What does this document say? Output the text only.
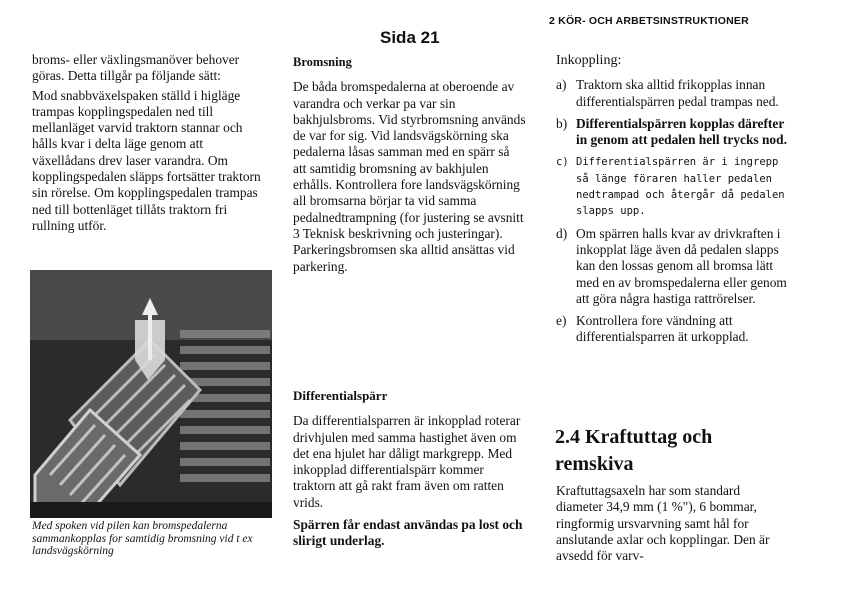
Sida 21
2 KÖR- OCH ARBETSINSTRUKTIONER

broms- eller växlingsmanöver behover göras. Detta tillgår pa följande sätt:

Mod snabbväxelspaken ställd i higläge trampas kopplingspedalen ned till mellanläget varvid traktorn stannar och hålls kvar i delta läge genom att växellådans drev laser varandra. Om kopplingspedalen släpps fortsätter traktorn sin rörelse. Om kopplingspedalen trampas ned till bottenläget tillåts traktorn fri rullning utför.

Med spoken vid pilen kan bromspedalerna sammankopplas for samtidig bromsning vid t ex landsvägskörning
Bromsning

De båda bromspedalerna at oberoende av varandra och verkar pa var sin bakhjulsbroms. Vid styrbromsning används de var for sig. Vid landsvägskörning ska pedalerna låsas samman med en spärr så att samtidig bromsning av bakhjulen erhålls. Kontrollera fore landsvägskörning all bromsarna börjar ta vid samma pedalnedtrampning (for justering se avsnitt 3 Teknisk beskrivning och justeringar). Parkeringsbromsen ska alltid ansättas vid parkering.

Differentialspärr

Da differentialsparren är inkopplad roterar drivhjulen med samma hastighet även om det ena hjulet har dåligt markgrepp. Med inkopplad differentialspärr kommer traktorn att gå rakt fram även om ratten vrids.

Spärren får endast användas pa lost och slirigt underlag.

Inkoppling:
a) Traktorn ska alltid frikopplas innan differentialspärren pedal trampas ned.
b) Differentialspärren kopplas därefter in genom att pedalen hell trycks nod.
c) Differentialspärren är i ingrepp så länge föraren haller pedalen nedtrampad och återgår då pedalen slapps upp.
d) Om spärren halls kvar av drivkraften i inkopplat läge även då pedalen slapps kan den lossas genom all bromsa lätt med en av bromspedalerna eller genom att göra några hastiga rattrörelser.
e) Kontrollera fore vändning att differentialsparren ät urkopplad.
2.4 Kraftuttag och remskiva

Kraftuttagsaxeln har som standard diameter 34,9 mm (1 %"), 6 bommar, ringformig ursvarvning samt hål for anslutande axlar och kopplingar. Den är avsedd för varv-
